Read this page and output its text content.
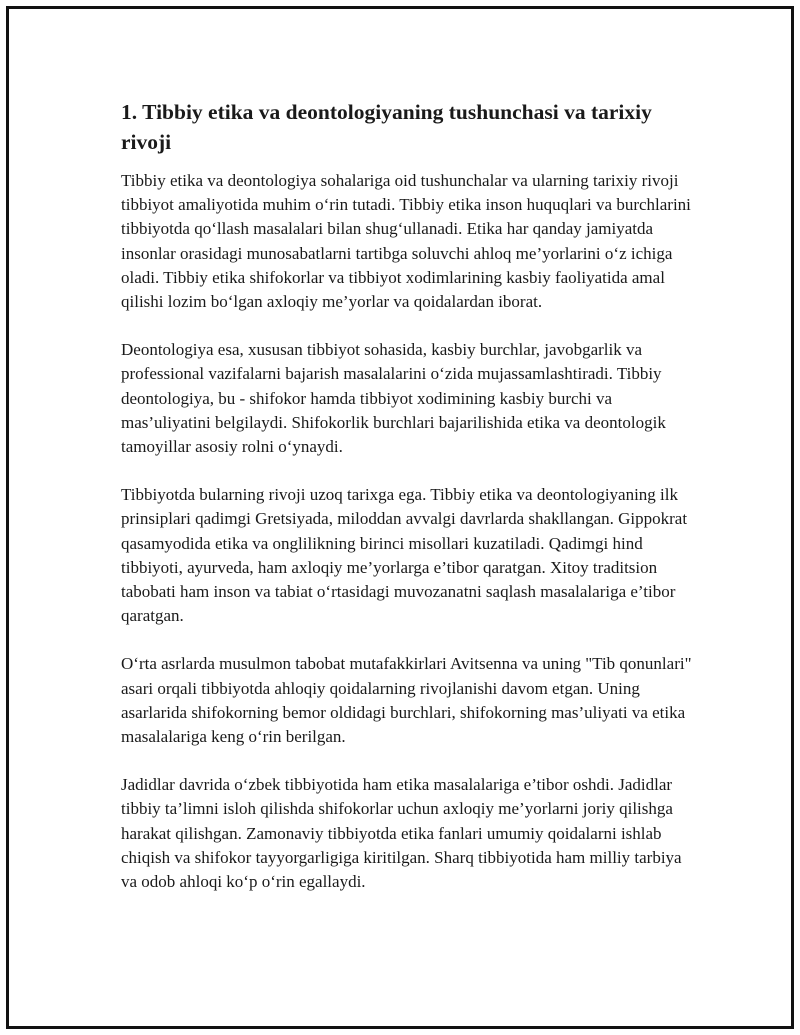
1. Tibbiy etika va deontologiyaning tushunchasi va tarixiy rivoji

Tibbiy etika va deontologiya sohalariga oid tushunchalar va ularning tarixiy rivoji tibbiyot amaliyotida muhim o‘rin tutadi. Tibbiy etika inson huquqlari va burchlarini tibbiyotda qo‘llash masalalari bilan shug‘ullanadi. Etika har qanday jamiyatda insonlar orasidagi munosabatlarni tartibga soluvchi ahloq me’yorlarini o‘z ichiga oladi. Tibbiy etika shifokorlar va tibbiyot xodimlarining kasbiy faoliyatida amal qilishi lozim bo‘lgan axloqiy me’yorlar va qoidalardan iborat.

Deontologiya esa, xususan tibbiyot sohasida, kasbiy burchlar, javobgarlik va professional vazifalarni bajarish masalalarini o‘zida mujassamlashtiradi. Tibbiy deontologiya, bu - shifokor hamda tibbiyot xodimining kasbiy burchi va mas’uliyatini belgilaydi. Shifokorlik burchlari bajarilishida etika va deontologik tamoyillar asosiy rolni o‘ynaydi.

Tibbiyotda bularning rivoji uzoq tarixga ega. Tibbiy etika va deontologiyaning ilk prinsiplari qadimgi Gretsiyada, miloddan avvalgi davrlarda shakllangan. Gippokrat qasamyodida etika va onglilikning birinci misollari kuzatiladi. Qadimgi hind tibbiyoti, ayurveda, ham axloqiy me’yorlarga e’tibor qaratgan. Xitoy traditsion tabobati ham inson va tabiat o‘rtasidagi muvozanatni saqlash masalalariga e’tibor qaratgan.

O‘rta asrlarda musulmon tabobat mutafakkirlari Avitsenna va uning "Tib qonunlari" asari orqali tibbiyotda ahloqiy qoidalarning rivojlanishi davom etgan. Uning asarlarida shifokorning bemor oldidagi burchlari, shifokorning mas’uliyati va etika masalalariga keng o‘rin berilgan.

Jadidlar davrida o‘zbek tibbiyotida ham etika masalalariga e’tibor oshdi. Jadidlar tibbiy ta’limni isloh qilishda shifokorlar uchun axloqiy me’yorlarni joriy qilishga harakat qilishgan. Zamonaviy tibbiyotda etika fanlari umumiy qoidalarni ishlab chiqish va shifokor tayyorgarligiga kiritilgan. Sharq tibbiyotida ham milliy tarbiya va odob ahloqi ko‘p o‘rin egallaydi.
